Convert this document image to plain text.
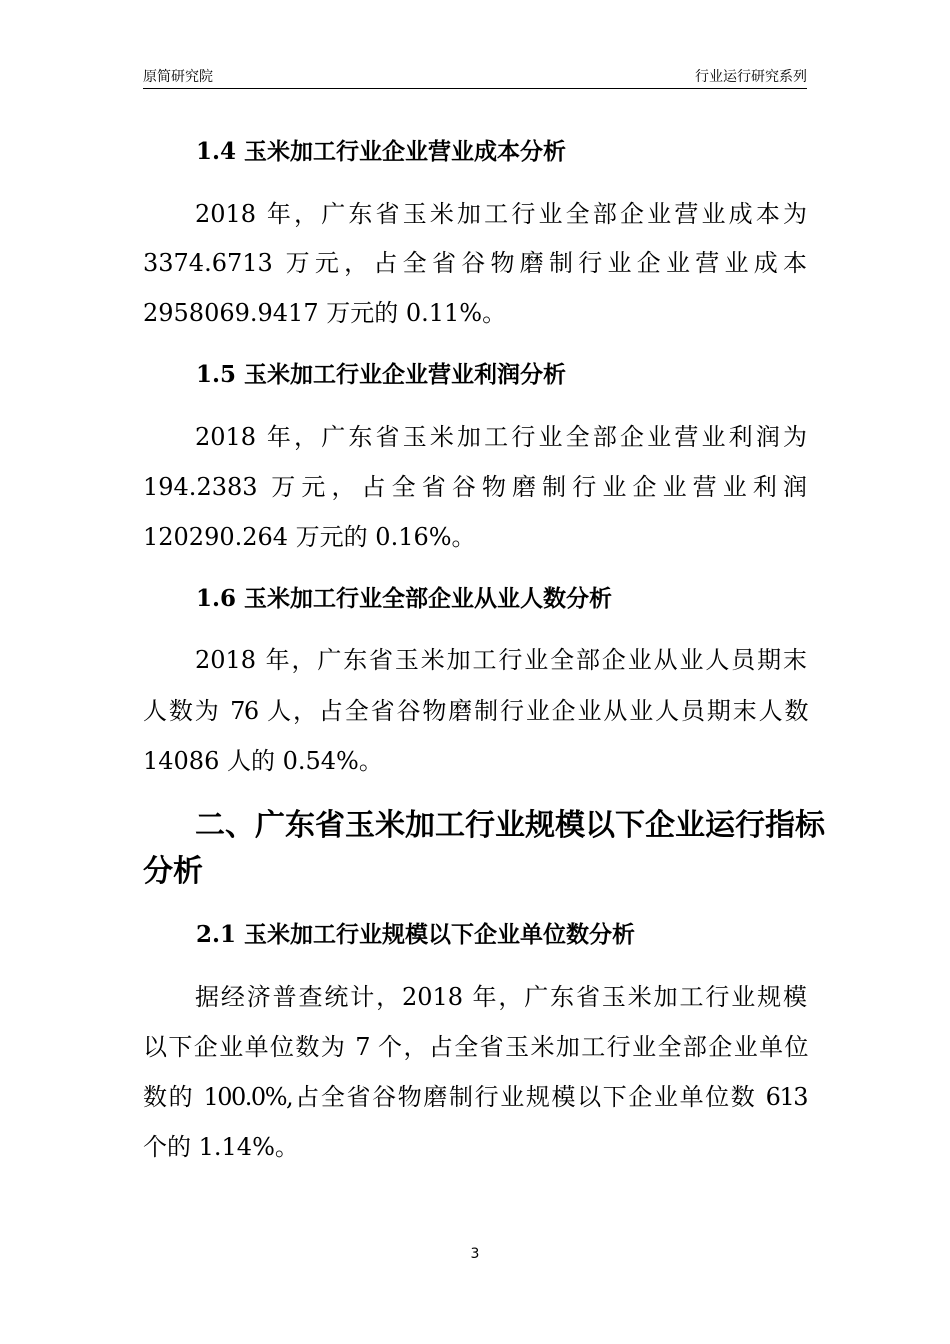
原简研究院	行业运行研究系列
1.4 玉米加工行业企业营业成本分析
2018 年，广东省玉米加工行业全部企业营业成本为
3374.6713 万元，占全省谷物磨制行业企业营业成本
2958069.9417 万元的 0.11%。
1.5 玉米加工行业企业营业利润分析
2018 年，广东省玉米加工行业全部企业营业利润为
194.2383 万元，占全省谷物磨制行业企业营业利润
120290.264 万元的 0.16%。
1.6 玉米加工行业全部企业从业人数分析
2018 年，广东省玉米加工行业全部企业从业人员期末
人数为 76 人，占全省谷物磨制行业企业从业人员期末人数
14086 人的 0.54%。
二、广东省玉米加工行业规模以下企业运行指标
分析
2.1 玉米加工行业规模以下企业单位数分析
据经济普查统计，2018 年，广东省玉米加工行业规模
以下企业单位数为 7 个，占全省玉米加工行业全部企业单位
数的 100.0%,占全省谷物磨制行业规模以下企业单位数 613
个的 1.14%。
3
